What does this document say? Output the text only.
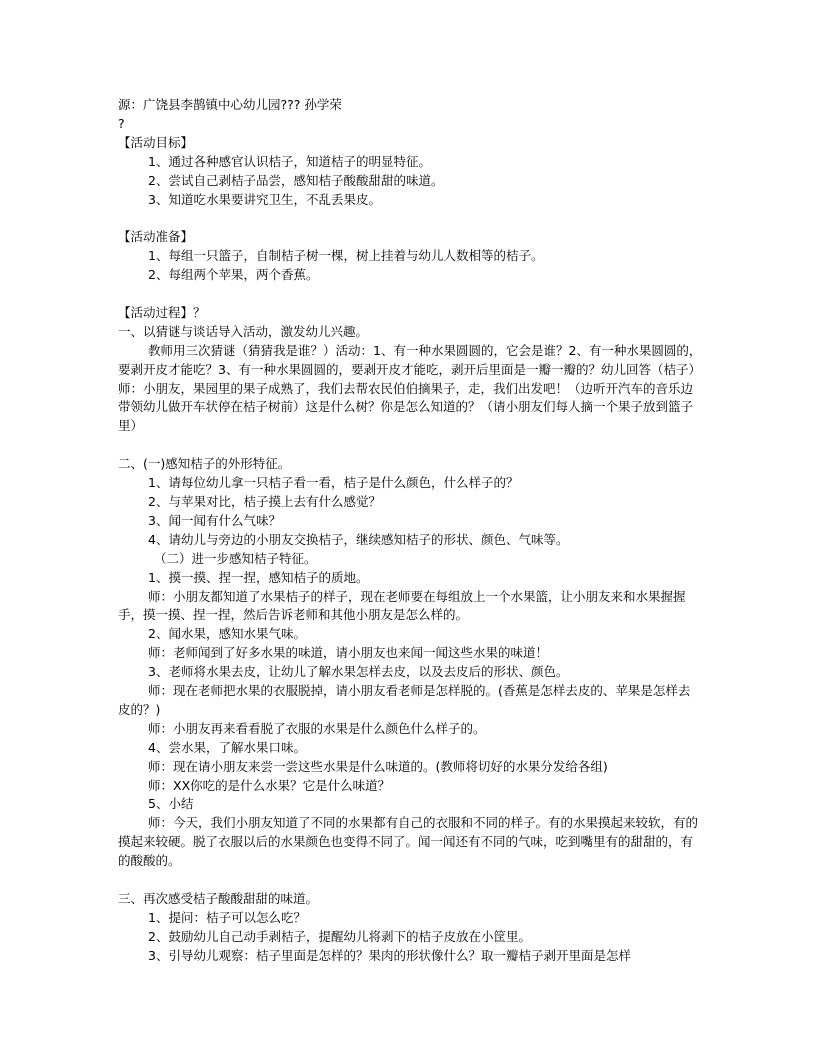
源：广饶县李鹊镇中心幼儿园??? 孙学荣

?

【活动目标】

1、通过各种感官认识桔子，知道桔子的明显特征。

2、尝试自己剥桔子品尝，感知桔子酸酸甜甜的味道。

3、知道吃水果要讲究卫生，不乱丢果皮。

【活动准备】

1、每组一只篮子，自制桔子树一棵，树上挂着与幼儿人数相等的桔子。

2、每组两个苹果，两个香蕉。

【活动过程】？

一、以猜谜与谈话导入活动，激发幼儿兴趣。

教师用三次猜谜（猜猜我是谁？）活动：1、有一种水果圆圆的，它会是谁？2、有一种水果圆圆的，要剥开皮才能吃？3、有一种水果圆圆的，要剥开皮才能吃，剥开后里面是一瓣一瓣的？幼儿回答（桔子）

师：小朋友，果园里的果子成熟了，我们去帮农民伯伯摘果子，走，我们出发吧！（边听开汽车的音乐边带领幼儿做开车状停在桔子树前）这是什么树？你是怎么知道的？（请小朋友们每人摘一个果子放到篮子里）

二、(一)感知桔子的外形特征。

1、请每位幼儿拿一只桔子看一看，桔子是什么颜色，什么样子的？

2、与苹果对比，桔子摸上去有什么感觉？

3、闻一闻有什么气味？

4、请幼儿与旁边的小朋友交换桔子，继续感知桔子的形状、颜色、气味等。

（二）进一步感知桔子特征。

1、摸一摸、捏一捏，感知桔子的质地。

师：小朋友都知道了水果桔子的样子，现在老师要在每组放上一个水果篮，让小朋友来和水果握握手，摸一摸、捏一捏，然后告诉老师和其他小朋友是怎么样的。

2、闻水果，感知水果气味。

师：老师闻到了好多水果的味道，请小朋友也来闻一闻这些水果的味道！

3、老师将水果去皮，让幼儿了解水果怎样去皮，以及去皮后的形状、颜色。

师：现在老师把水果的衣服脱掉，请小朋友看老师是怎样脱的。(香蕉是怎样去皮的、苹果是怎样去皮的？)

师：小朋友再来看看脱了衣服的水果是什么颜色什么样子的。

4、尝水果，了解水果口味。

师：现在请小朋友来尝一尝这些水果是什么味道的。(教师将切好的水果分发给各组)

师：XX你吃的是什么水果？它是什么味道？

5、小结

师：今天，我们小朋友知道了不同的水果都有自己的衣服和不同的样子。有的水果摸起来较软，有的摸起来较硬。脱了衣服以后的水果颜色也变得不同了。闻一闻还有不同的气味，吃到嘴里有的甜甜的，有的酸酸的。

三、再次感受桔子酸酸甜甜的味道。

1、提问：桔子可以怎么吃？

2、鼓励幼儿自己动手剥桔子，提醒幼儿将剥下的桔子皮放在小筐里。

3、引导幼儿观察：桔子里面是怎样的？果肉的形状像什么？取一瓣桔子剥开里面是怎样
